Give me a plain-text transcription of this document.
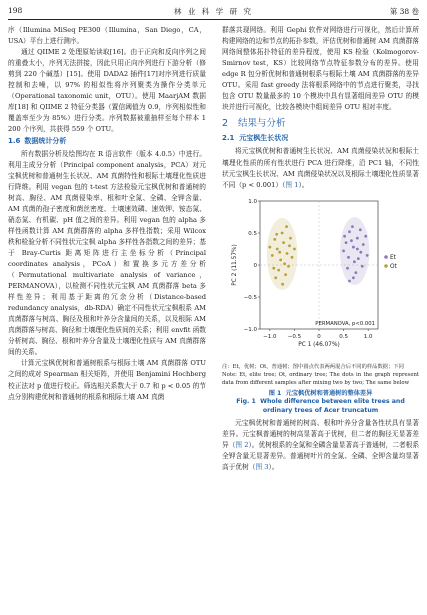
198	林 业 科 学 研 究	第 38 卷

序（Illumina MiSeq PE300（Illumina，San Diego，CA，USA）平台上进行测序。

通过 QIIME 2 处理原始读取[16]。由于正向和反向序列之间的重叠太小，序列无法拼接，因此只用正向序列进行下游分析（修剪到 220 个碱基）[15]。使用 DADA2 插件[17]对序列进行质量控制和去噪，以 97% 的相似性将序列聚类为操作分类单元（Operational taxonomic unit，OTU）。使用 MaarjAM 数据库[18] 和 QIIME 2 特征分类器（置信阈值为 0.9，序列相似性和覆盖率至少为 85%）进行分类。序列数据被重抽样至每个样本 1 200 个序列，共获得 559 个 OTU。

1.6 数据统计分析

所有数据分析及绘图均在 R 语言软件（版本 4.0.5）中进行。利用主成分分析（Principal component analysis，PCA）对元宝枫优树和普通树生长状况、AM 真菌特性和根际土壤理化性质进行降维。利用 vegan 包的 t-test 方法检验元宝枫优树和普通树的树高、胸径、AM 真菌侵染率、根和叶全氮、全磷、全钾含量、AM 真菌的孢子密度和菌丝密度、土壤速效磷、速效钾、铵态氮、硝态氮、有机碳、pH 值之间的差异。利用 vegan 包的 alpha 多样性函数计算 AM 真菌群落的 alpha 多样性指数；采用 Wilcox 秩和检验分析不同性状元宝枫 alpha 多样性各指数之间的差异；基于 Bray-Curtis 距离矩阵进行主坐标分析（Principal coordinates analysis，PCoA）和置换多元方差分析（Permutational multivariate analysis of variance，PERMANOVA），以检测不同性状元宝枫 AM 真菌群落 beta 多样性差异；利用基于距离的冗余分析（Distance-based redundancy analysis，db-RDA）确定不同性状元宝枫根系 AM 真菌群落与树高、胸径及根和叶养分含量间的关系，以及根际 AM 真菌群落与树高、胸径和土壤理化性质间的关系；利用 envfit 函数分析树高、胸径、根和叶养分含量及土壤理化性质与 AM 真菌群落间的关系。

计算元宝枫优树和普通树根系与根际土壤 AM 真菌群落 OTU 之间的成对 Spearman 相关矩阵，并使用 Benjamini Hochberg 校正法对 p 值进行校正。筛选相关系数大于 0.7 和 p < 0.05 的节点分别构建优树和普通树的根系和根际土壤 AM 真菌

群落共现网络。利用 Gephi 软件对网络进行可视化，然后计算所构建网络的边和节点的拓扑参数，评估优树和普通树 AM 真菌群落网络间整体拓扑特征的差异程度，使用 KS 检验（Kolmogorov-Smirnov test，KS）比较网络节点特征参数分布的差异。使用 edge R 包分析优树和普通树根系与根际土壤 AM 真菌群落的差异 OTU。采用 fast greedy 法将根系网络中的节点进行聚类，寻找包含 OTU 数量最多的 10 个模块中具有显著组间差异 OTU 的模块并进行可视化，比较各模块中组间差异 OTU 相对丰度。

2 结果与分析
2.1 元宝枫生长状况

将元宝枫优树和普通树生长状况、AM 真菌侵染状况和根际土壤理化性质的所有性状进行 PCA 进行降维，沿 PC1 轴，不同性状元宝枫生长状况、AM 真菌侵染状况以及根际土壤理化性质显著不同（p < 0.001）（图 1）。

−1.0 −0.5	0	0.5	1.0
1.0
0.5
0
−0.5
−1.0
PC 1 (46.07%)
PC 2 (11.57%)
PERMANOVA, p<0.001
Et
Ot
注：Et，优树；Ot，普通树；图中圆点代表两两混合后不同的样品数据；下同
Note: Et, elite tree; Ot, ordinary tree; The dots in the graph represent data from different samples after mixing two by two; The same below
图 1 元宝枫优树和普通树的整体差异
Fig. 1 Whole difference between elite trees and
ordinary trees of Acer truncatum

元宝枫优树和普通树的树高、根和叶养分含量各性状具有显著差异。元宝枫普通树的树高显著高于优树，但二者的胸径无显著差异（图 2）。优树根系的全氮和全磷含量显著高于普通树，二者根系全钾含量无显著差异。普通树叶片的全氮、全磷、全钾含量均显著高于优树（图 3）。
